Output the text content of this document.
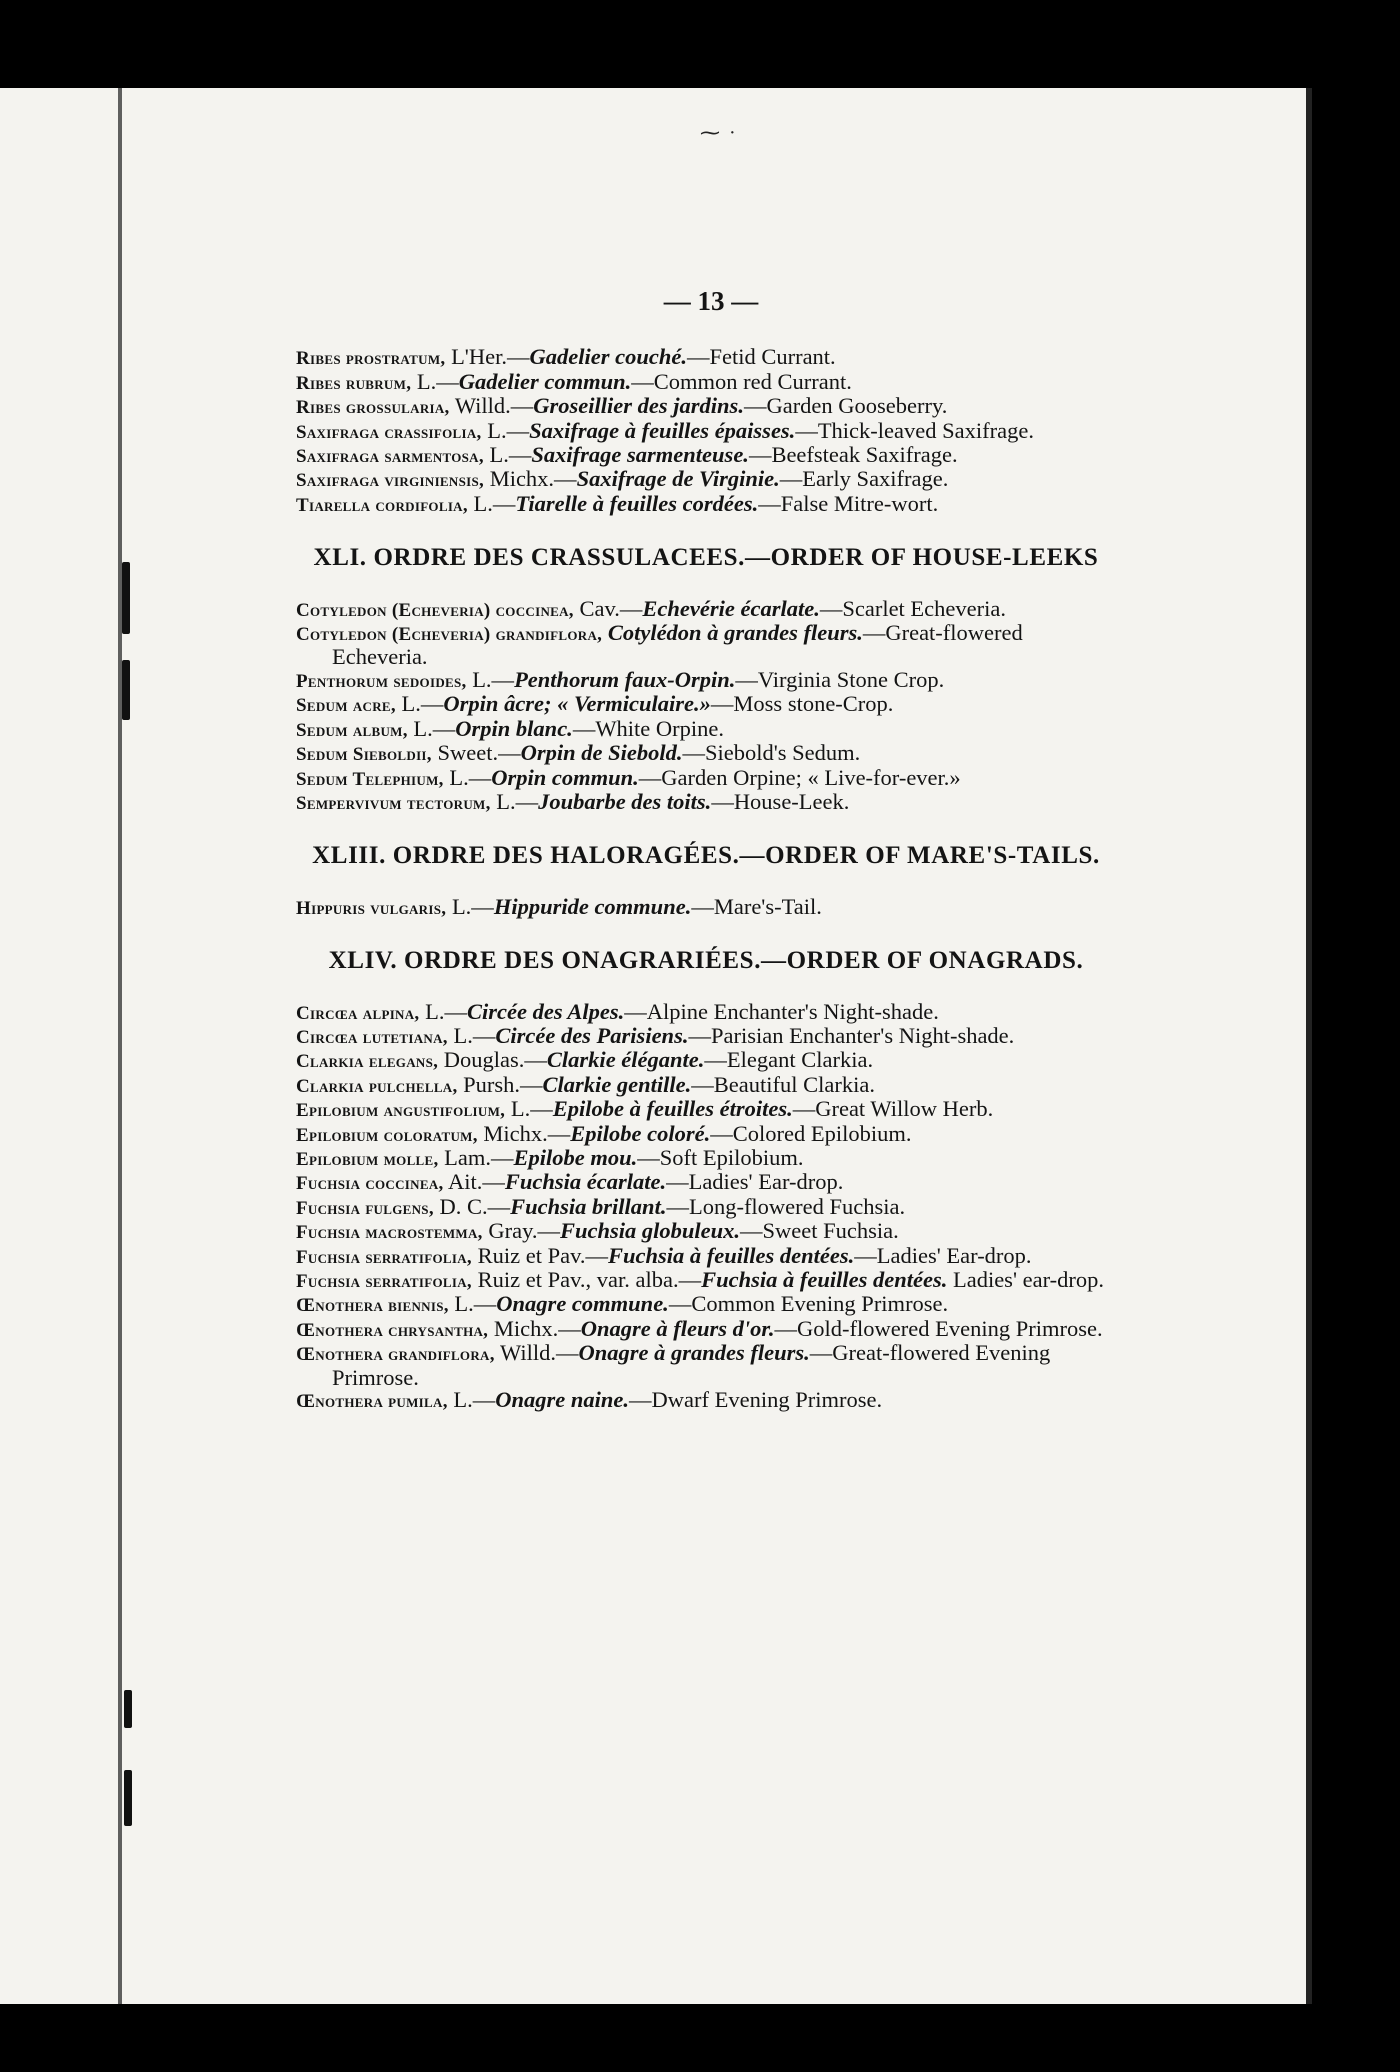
⁓ ·
— 13 —

Ribes prostratum, L'Her.—Gadelier couché.—Fetid Currant.

Ribes rubrum, L.—Gadelier commun.—Common red Currant.

Ribes grossularia, Willd.—Groseillier des jardins.—Garden Gooseberry.

Saxifraga crassifolia, L.—Saxifrage à feuilles épaisses.—Thick-leaved Saxifrage.

Saxifraga sarmentosa, L.—Saxifrage sarmenteuse.—Beefsteak Saxifrage.

Saxifraga virginiensis, Michx.—Saxifrage de Virginie.—Early Saxifrage.

Tiarella cordifolia, L.—Tiarelle à feuilles cordées.—False Mitre-wort.

XLI. ORDRE DES CRASSULACEES.—ORDER OF HOUSE-LEEKS

Cotyledon (Echeveria) coccinea, Cav.—Echevérie écarlate.—Scarlet Echeveria.

Cotyledon (Echeveria) grandiflora, Cotylédon à grandes fleurs.—Great-flowered Echeveria.

Penthorum sedoides, L.—Penthorum faux-Orpin.—Virginia Stone Crop.

Sedum acre, L.—Orpin âcre; « Vermiculaire.»—Moss stone-Crop.

Sedum album, L.—Orpin blanc.—White Orpine.

Sedum Sieboldii, Sweet.—Orpin de Siebold.—Siebold's Sedum.

Sedum Telephium, L.—Orpin commun.—Garden Orpine; « Live-for-ever.»

Sempervivum tectorum, L.—Joubarbe des toits.—House-Leek.

XLIII. ORDRE DES HALORAGÉES.—ORDER OF MARE'S-TAILS.

Hippuris vulgaris, L.—Hippuride commune.—Mare's-Tail.

XLIV. ORDRE DES ONAGRARIÉES.—ORDER OF ONAGRADS.

Circœa alpina, L.—Circée des Alpes.—Alpine Enchanter's Night-shade.

Circœa lutetiana, L.—Circée des Parisiens.—Parisian Enchanter's Night-shade.

Clarkia elegans, Douglas.—Clarkie élégante.—Elegant Clarkia.

Clarkia pulchella, Pursh.—Clarkie gentille.—Beautiful Clarkia.

Epilobium angustifolium, L.—Epilobe à feuilles étroites.—Great Willow Herb.

Epilobium coloratum, Michx.—Epilobe coloré.—Colored Epilobium.

Epilobium molle, Lam.—Epilobe mou.—Soft Epilobium.

Fuchsia coccinea, Ait.—Fuchsia écarlate.—Ladies' Ear-drop.

Fuchsia fulgens, D. C.—Fuchsia brillant.—Long-flowered Fuchsia.

Fuchsia macrostemma, Gray.—Fuchsia globuleux.—Sweet Fuchsia.

Fuchsia serratifolia, Ruiz et Pav.—Fuchsia à feuilles dentées.—Ladies' Ear-drop.

Fuchsia serratifolia, Ruiz et Pav., var. alba.—Fuchsia à feuilles dentées. Ladies' ear-drop.

Œnothera biennis, L.—Onagre commune.—Common Evening Primrose.

Œnothera chrysantha, Michx.—Onagre à fleurs d'or.—Gold-flowered Evening Primrose.

Œnothera grandiflora, Willd.—Onagre à grandes fleurs.—Great-flowered Evening Primrose.

Œnothera pumila, L.—Onagre naine.—Dwarf Evening Primrose.
